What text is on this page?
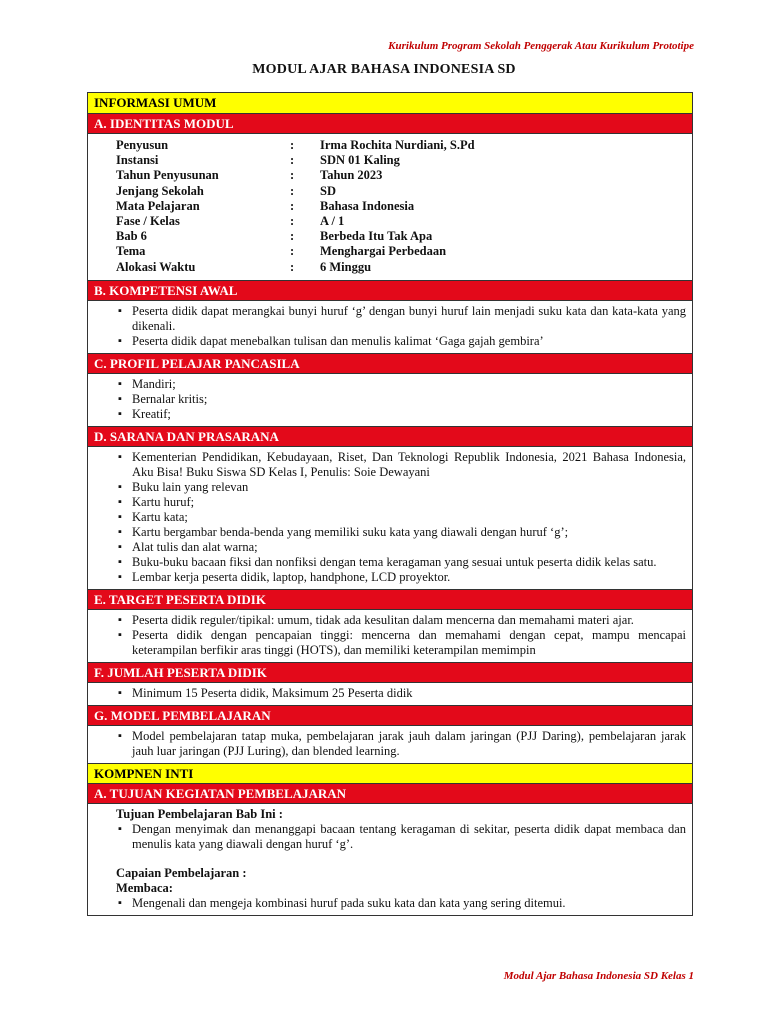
Kurikulum Program Sekolah Penggerak Atau Kurikulum Prototipe
MODUL AJAR BAHASA INDONESIA SD
INFORMASI UMUM
A. IDENTITAS MODUL
Penyusun	:	Irma Rochita Nurdiani, S.Pd
Instansi	:	SDN 01 Kaling
Tahun Penyusunan	:	Tahun 2023
Jenjang Sekolah	:	SD
Mata Pelajaran	:	Bahasa Indonesia
Fase / Kelas	:	A / 1
Bab 6	:	Berbeda Itu Tak Apa
Tema	:	Menghargai Perbedaan
Alokasi Waktu	:	6 Minggu
B. KOMPETENSI AWAL
▪ Peserta didik dapat merangkai bunyi huruf ‘g’ dengan bunyi huruf lain menjadi suku kata dan kata-kata yang dikenali.
▪ Peserta didik dapat menebalkan tulisan dan menulis kalimat ‘Gaga gajah gembira’
C. PROFIL PELAJAR PANCASILA
▪ Mandiri;
▪ Bernalar kritis;
▪ Kreatif;
D. SARANA DAN PRASARANA
▪ Kementerian Pendidikan, Kebudayaan, Riset, Dan Teknologi Republik Indonesia, 2021 Bahasa Indonesia, Aku Bisa! Buku Siswa SD Kelas I, Penulis: Soie Dewayani
▪ Buku lain yang relevan
▪ Kartu huruf;
▪ Kartu kata;
▪ Kartu bergambar benda-benda yang memiliki suku kata yang diawali dengan huruf ‘g’;
▪ Alat tulis dan alat warna;
▪ Buku-buku bacaan fiksi dan nonfiksi dengan tema keragaman yang sesuai untuk peserta didik kelas satu.
▪ Lembar kerja peserta didik, laptop, handphone, LCD proyektor.
E. TARGET PESERTA DIDIK
▪ Peserta didik reguler/tipikal: umum, tidak ada kesulitan dalam mencerna dan memahami materi ajar.
▪ Peserta didik dengan pencapaian tinggi: mencerna dan memahami dengan cepat, mampu mencapai keterampilan berfikir aras tinggi (HOTS), dan memiliki keterampilan memimpin
F. JUMLAH PESERTA DIDIK
▪ Minimum 15 Peserta didik, Maksimum 25 Peserta didik
G. MODEL PEMBELAJARAN
▪ Model pembelajaran tatap muka, pembelajaran jarak jauh dalam jaringan (PJJ Daring), pembelajaran jarak jauh luar jaringan (PJJ Luring), dan blended learning.
KOMPNEN INTI
A. TUJUAN KEGIATAN PEMBELAJARAN
Tujuan Pembelajaran Bab Ini :
▪ Dengan menyimak dan menanggapi bacaan tentang keragaman di sekitar, peserta didik dapat membaca dan menulis kata yang diawali dengan huruf ‘g’.
Capaian Pembelajaran :
Membaca:
▪ Mengenali dan mengeja kombinasi huruf pada suku kata dan kata yang sering ditemui.
Modul Ajar Bahasa Indonesia SD Kelas 1
